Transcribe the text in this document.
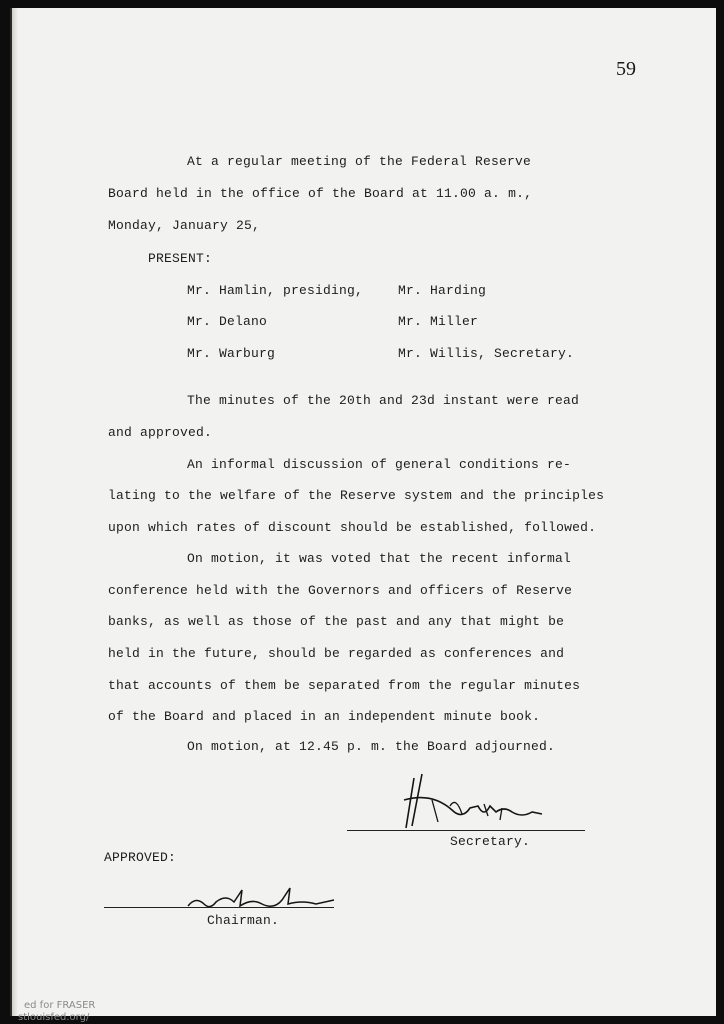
59
At a regular meeting of the Federal Reserve
Board held in the office of the Board at 11.00 a. m.,
Monday, January 25,
PRESENT:
Mr. Hamlin, presiding,
Mr. Delano
Mr. Warburg
Mr. Harding
Mr. Miller
Mr. Willis, Secretary.
The minutes of the 20th and 23d instant were read
and approved.
An informal discussion of general conditions re-
lating to the welfare of the Reserve system and the principles
upon which rates of discount should be established, followed.
On motion, it was voted that the recent informal
conference held with the Governors and officers of Reserve
banks, as well as those of the past and any that might be
held in the future, should be regarded as conferences and
that accounts of them be separated from the regular minutes
of the Board and placed in an independent minute book.
On motion, at 12.45 p. m. the Board adjourned.
Secretary.
APPROVED:
Chairman.
ed for FRASER
stlouisfed.org/
